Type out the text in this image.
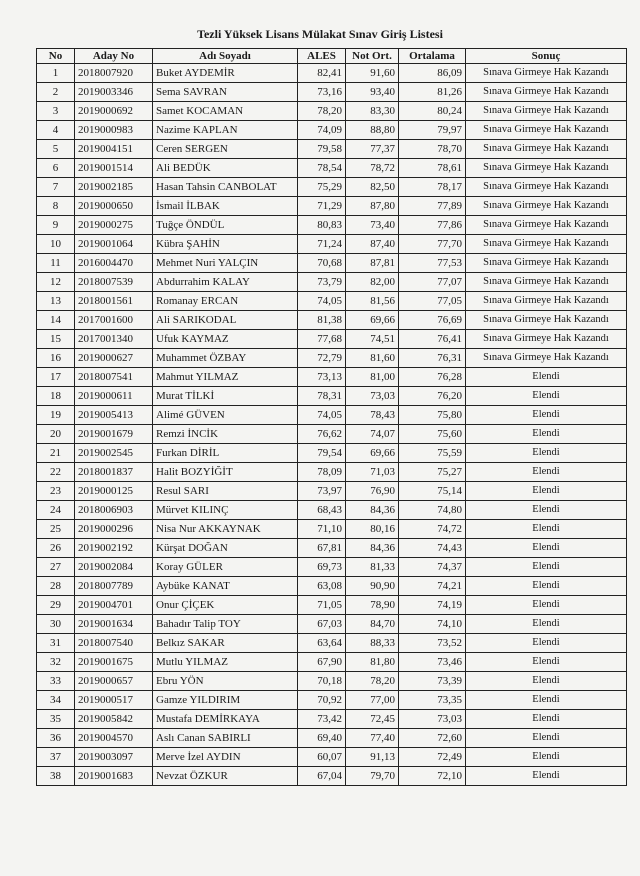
Tezli Yüksek Lisans Mülakat Sınav Giriş Listesi
No	Aday No	Adı Soyadı	ALES	Not Ort.	Ortalama	Sonuç
1	2018007920	Buket AYDEMİR	82,41	91,60	86,09	Sınava Girmeye Hak Kazandı
2	2019003346	Sema SAVRAN	73,16	93,40	81,26	Sınava Girmeye Hak Kazandı
3	2019000692	Samet KOCAMAN	78,20	83,30	80,24	Sınava Girmeye Hak Kazandı
4	2019000983	Nazime KAPLAN	74,09	88,80	79,97	Sınava Girmeye Hak Kazandı
5	2019004151	Ceren SERGEN	79,58	77,37	78,70	Sınava Girmeye Hak Kazandı
6	2019001514	Ali BEDÜK	78,54	78,72	78,61	Sınava Girmeye Hak Kazandı
7	2019002185	Hasan Tahsin CANBOLAT	75,29	82,50	78,17	Sınava Girmeye Hak Kazandı
8	2019000650	İsmail İLBAK	71,29	87,80	77,89	Sınava Girmeye Hak Kazandı
9	2019000275	Tuğçe ÖNDÜL	80,83	73,40	77,86	Sınava Girmeye Hak Kazandı
10	2019001064	Kübra ŞAHİN	71,24	87,40	77,70	Sınava Girmeye Hak Kazandı
11	2016004470	Mehmet Nuri YALÇIN	70,68	87,81	77,53	Sınava Girmeye Hak Kazandı
12	2018007539	Abdurrahim KALAY	73,79	82,00	77,07	Sınava Girmeye Hak Kazandı
13	2018001561	Romanay ERCAN	74,05	81,56	77,05	Sınava Girmeye Hak Kazandı
14	2017001600	Ali SARIKODAL	81,38	69,66	76,69	Sınava Girmeye Hak Kazandı
15	2017001340	Ufuk KAYMAZ	77,68	74,51	76,41	Sınava Girmeye Hak Kazandı
16	2019000627	Muhammet ÖZBAY	72,79	81,60	76,31	Sınava Girmeye Hak Kazandı
17	2018007541	Mahmut YILMAZ	73,13	81,00	76,28	Elendi
18	2019000611	Murat TİLKİ	78,31	73,03	76,20	Elendi
19	2019005413	Alimé GÜVEN	74,05	78,43	75,80	Elendi
20	2019001679	Remzi İNCİK	76,62	74,07	75,60	Elendi
21	2019002545	Furkan DİRİL	79,54	69,66	75,59	Elendi
22	2018001837	Halit BOZYİĞİT	78,09	71,03	75,27	Elendi
23	2019000125	Resul SARI	73,97	76,90	75,14	Elendi
24	2018006903	Mürvet KILINÇ	68,43	84,36	74,80	Elendi
25	2019000296	Nisa Nur AKKAYNAK	71,10	80,16	74,72	Elendi
26	2019002192	Kürşat DOĞAN	67,81	84,36	74,43	Elendi
27	2019002084	Koray GÜLER	69,73	81,33	74,37	Elendi
28	2018007789	Aybüke KANAT	63,08	90,90	74,21	Elendi
29	2019004701	Onur ÇİÇEK	71,05	78,90	74,19	Elendi
30	2019001634	Bahadır Talip TOY	67,03	84,70	74,10	Elendi
31	2018007540	Belkız SAKAR	63,64	88,33	73,52	Elendi
32	2019001675	Mutlu YILMAZ	67,90	81,80	73,46	Elendi
33	2019000657	Ebru YÖN	70,18	78,20	73,39	Elendi
34	2019000517	Gamze YILDIRIM	70,92	77,00	73,35	Elendi
35	2019005842	Mustafa DEMİRKAYA	73,42	72,45	73,03	Elendi
36	2019004570	Aslı Canan SABIRLI	69,40	77,40	72,60	Elendi
37	2019003097	Merve İzel AYDIN	60,07	91,13	72,49	Elendi
38	2019001683	Nevzat ÖZKUR	67,04	79,70	72,10	Elendi
